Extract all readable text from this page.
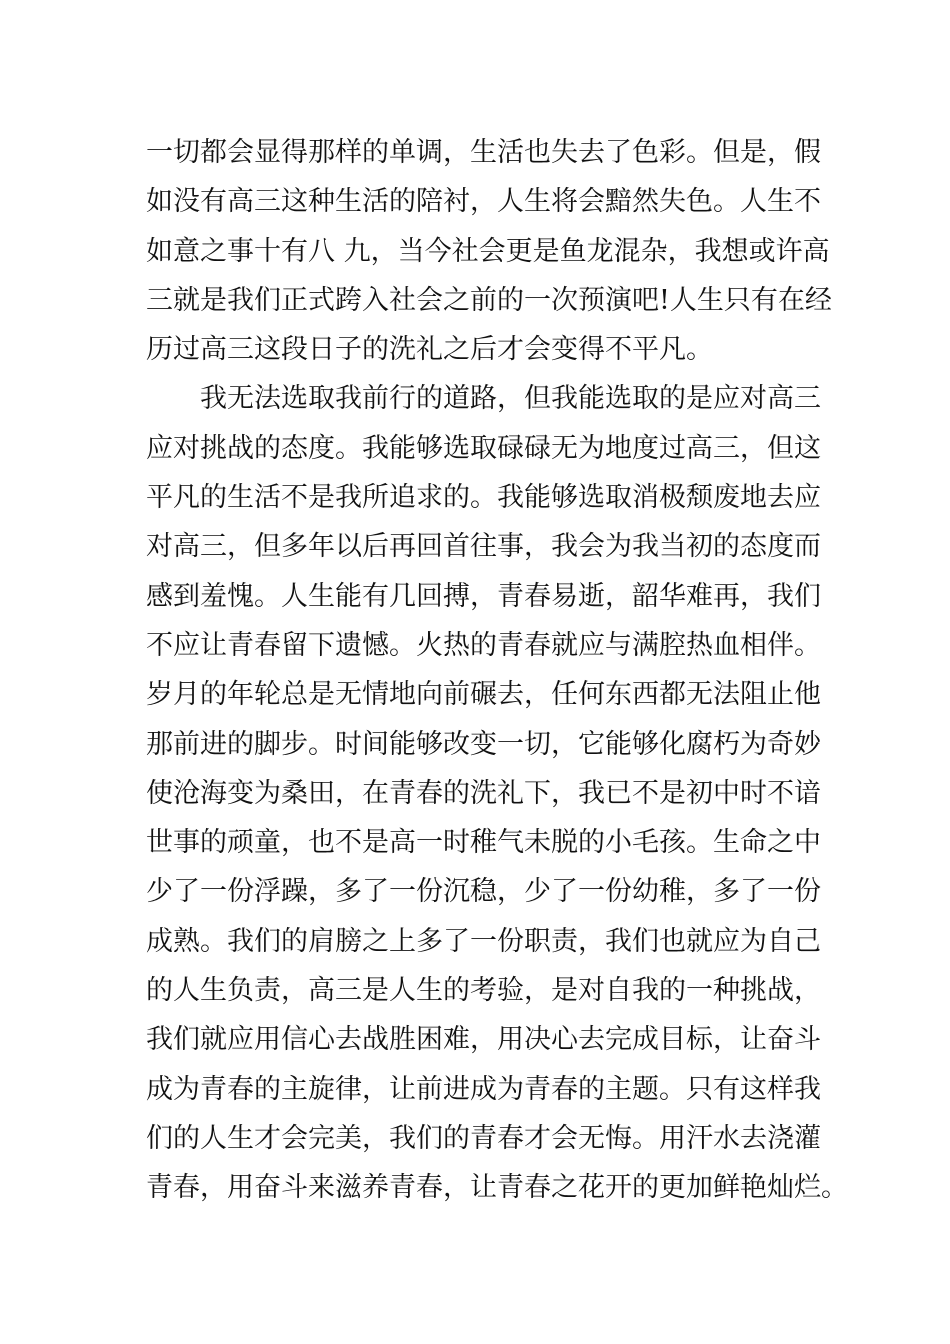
一切都会显得那样的单调，生活也失去了色彩。但是，假
如没有高三这种生活的陪衬，人生将会黯然失色。人生不
如意之事十有八 九，当今社会更是鱼龙混杂，我想或许高
三就是我们正式跨入社会之前的一次预演吧!人生只有在经
历过高三这段日子的洗礼之后才会变得不平凡。
　　我无法选取我前行的道路，但我能选取的是应对高三
应对挑战的态度。我能够选取碌碌无为地度过高三，但这
平凡的生活不是我所追求的。我能够选取消极颓废地去应
对高三，但多年以后再回首往事，我会为我当初的态度而
感到羞愧。人生能有几回搏，青春易逝，韶华难再，我们
不应让青春留下遗憾。火热的青春就应与满腔热血相伴。
岁月的年轮总是无情地向前碾去，任何东西都无法阻止他
那前进的脚步。时间能够改变一切，它能够化腐朽为奇妙
使沧海变为桑田，在青春的洗礼下，我已不是初中时不谙
世事的顽童，也不是高一时稚气未脱的小毛孩。生命之中
少了一份浮躁，多了一份沉稳，少了一份幼稚，多了一份
成熟。我们的肩膀之上多了一份职责，我们也就应为自己
的人生负责，高三是人生的考验，是对自我的一种挑战，
我们就应用信心去战胜困难，用决心去完成目标，让奋斗
成为青春的主旋律，让前进成为青春的主题。只有这样我
们的人生才会完美，我们的青春才会无悔。用汗水去浇灌
青春，用奋斗来滋养青春，让青春之花开的更加鲜艳灿烂。
